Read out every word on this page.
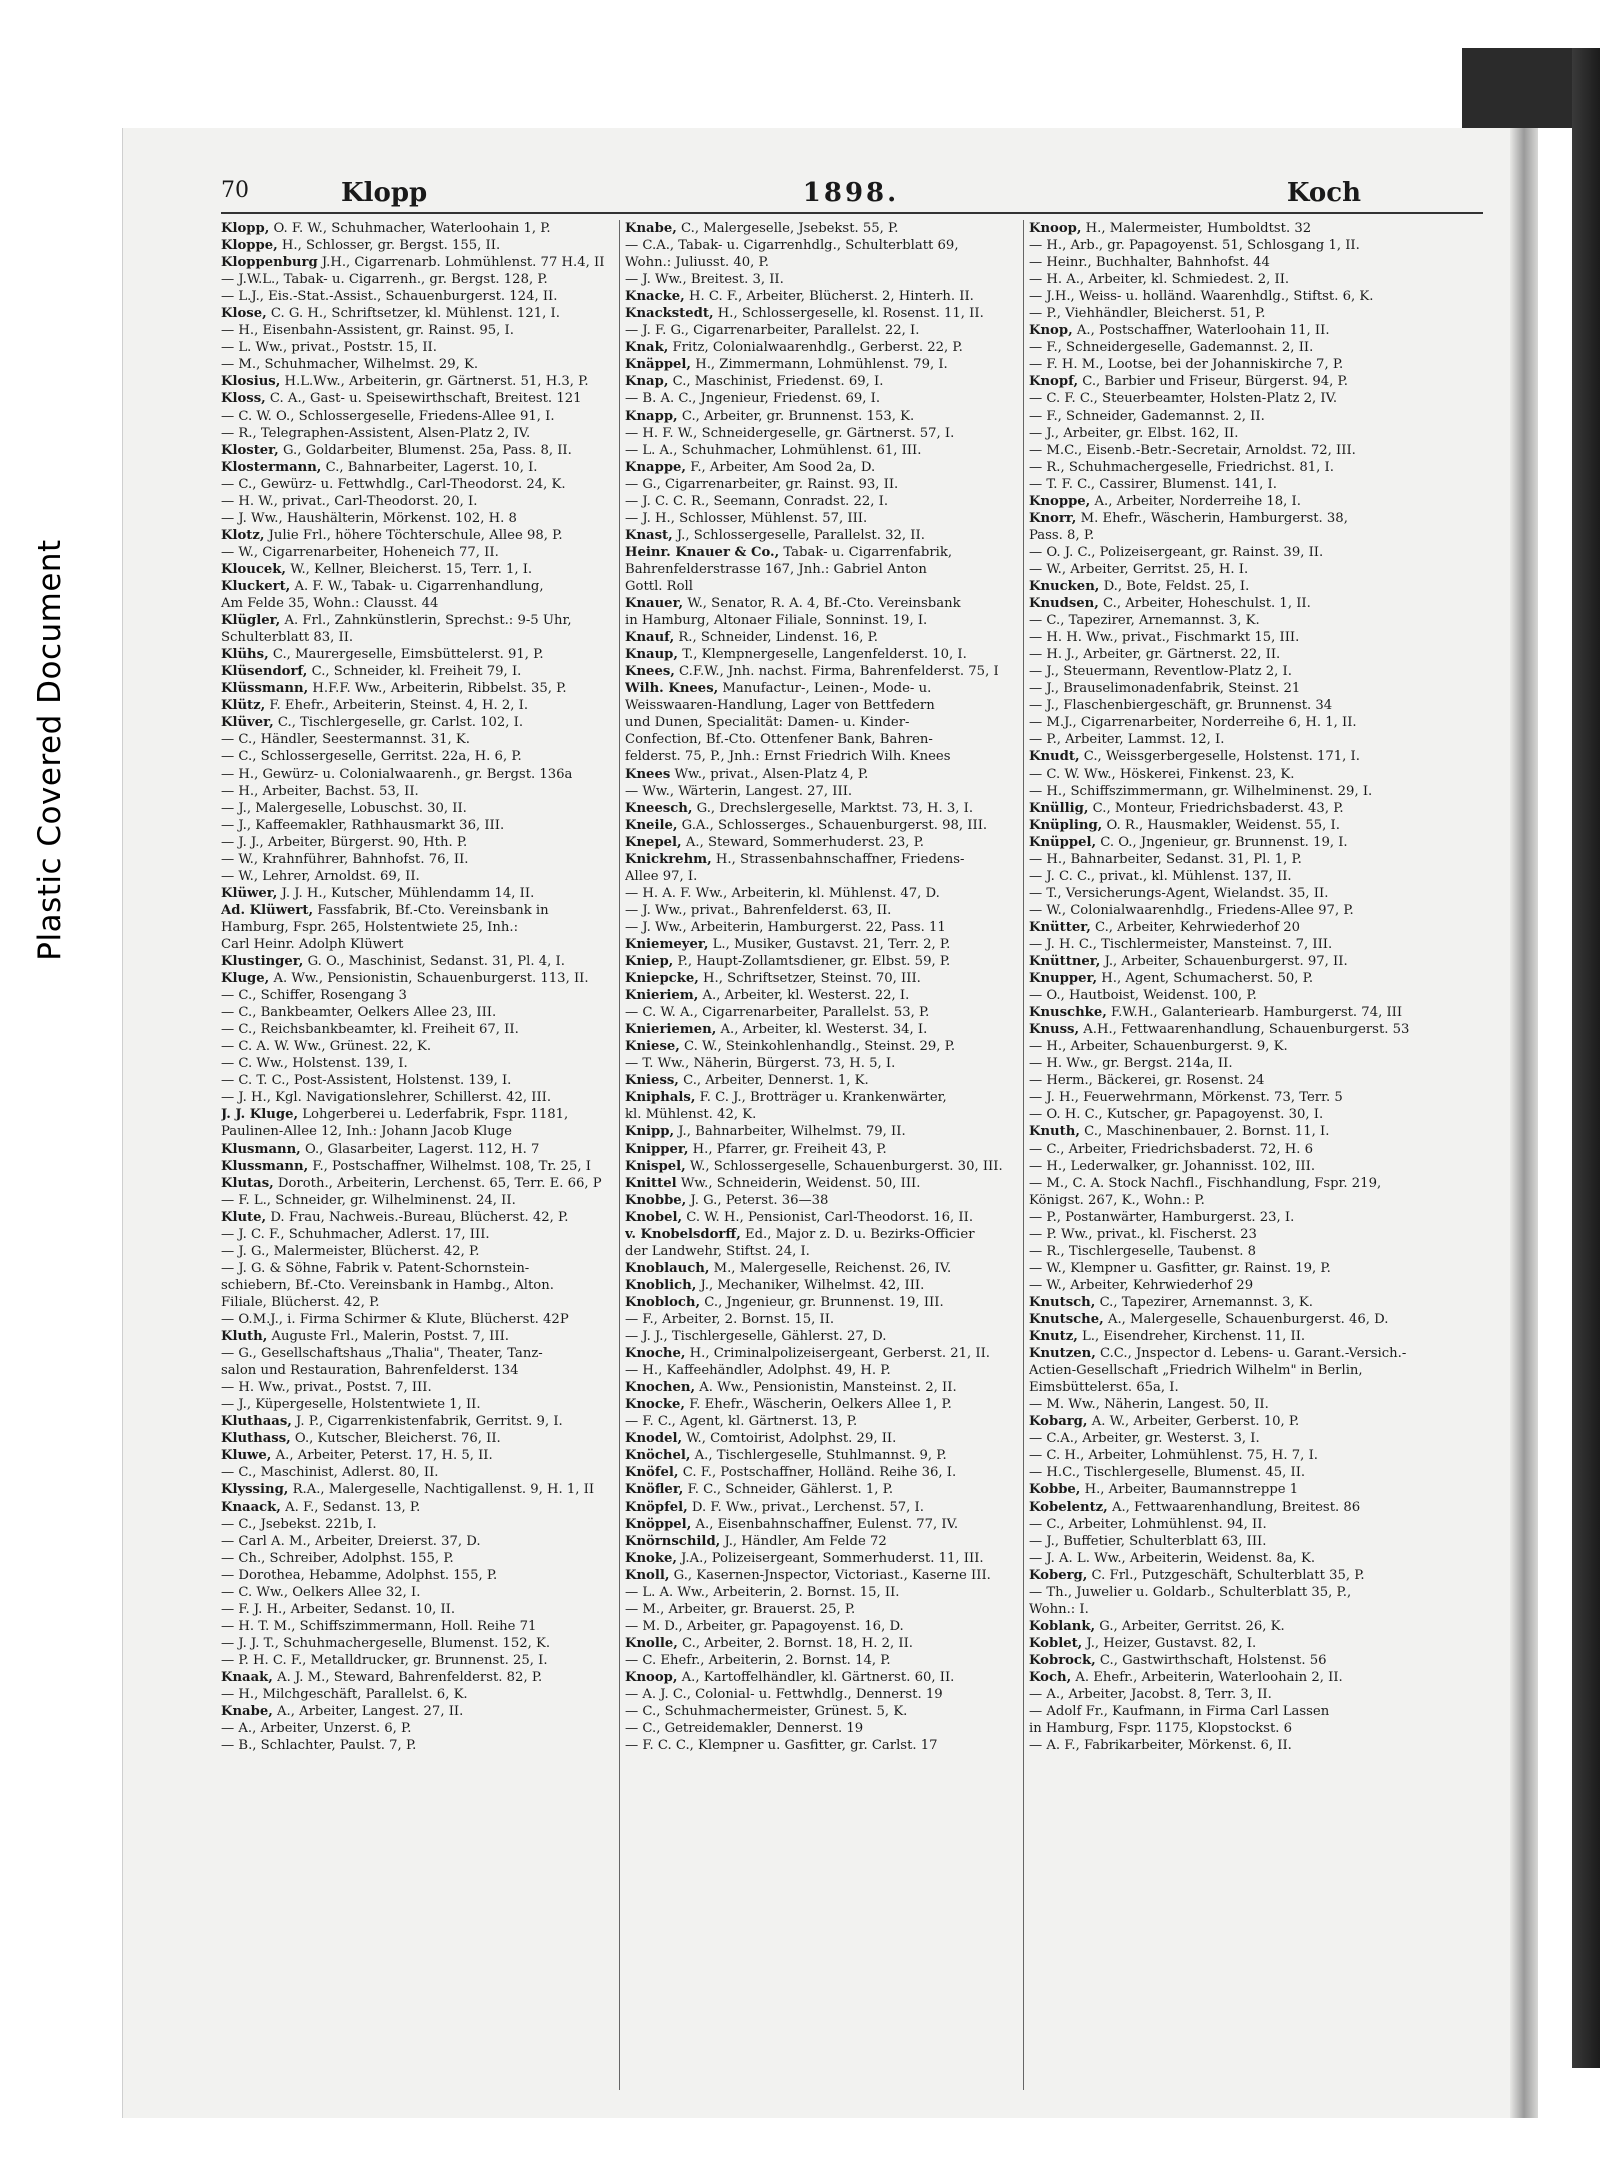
Plastic Covered Document
70	Klopp	1898.	Koch
Klopp, O. F. W., Schuhmacher, Waterloohain 1, P.
Kloppe, H., Schlosser, gr. Bergst. 155, II.
Kloppenburg J.H., Cigarrenarb. Lohmühlenst. 77 H.4, II
— J.W.L., Tabak- u. Cigarrenh., gr. Bergst. 128, P.
— L.J., Eis.-Stat.-Assist., Schauenburgerst. 124, II.
Klose, C. G. H., Schriftsetzer, kl. Mühlenst. 121, I.
— H., Eisenbahn-Assistent, gr. Rainst. 95, I.
— L. Ww., privat., Poststr. 15, II.
— M., Schuhmacher, Wilhelmst. 29, K.
Klosius, H.L.Ww., Arbeiterin, gr. Gärtnerst. 51, H.3, P.
Kloss, C. A., Gast- u. Speisewirthschaft, Breitest. 121
— C. W. O., Schlossergeselle, Friedens-Allee 91, I.
— R., Telegraphen-Assistent, Alsen-Platz 2, IV.
Kloster, G., Goldarbeiter, Blumenst. 25a, Pass. 8, II.
Klostermann, C., Bahnarbeiter, Lagerst. 10, I.
— C., Gewürz- u. Fettwhdlg., Carl-Theodorst. 24, K.
— H. W., privat., Carl-Theodorst. 20, I.
— J. Ww., Haushälterin, Mörkenst. 102, H. 8
Klotz, Julie Frl., höhere Töchterschule, Allee 98, P.
— W., Cigarrenarbeiter, Hoheneich 77, II.
Kloucek, W., Kellner, Bleicherst. 15, Terr. 1, I.
Kluckert, A. F. W., Tabak- u. Cigarrenhandlung,
Am Felde 35, Wohn.: Clausst. 44
Klügler, A. Frl., Zahnkünstlerin, Sprechst.: 9-5 Uhr,
Schulterblatt 83, II.
Klühs, C., Maurergeselle, Eimsbüttelerst. 91, P.
Klüsendorf, C., Schneider, kl. Freiheit 79, I.
Klüssmann, H.F.F. Ww., Arbeiterin, Ribbelst. 35, P.
Klütz, F. Ehefr., Arbeiterin, Steinst. 4, H. 2, I.
Klüver, C., Tischlergeselle, gr. Carlst. 102, I.
— C., Händler, Seestermannst. 31, K.
— C., Schlossergeselle, Gerritst. 22a, H. 6, P.
— H., Gewürz- u. Colonialwaarenh., gr. Bergst. 136a
— H., Arbeiter, Bachst. 53, II.
— J., Malergeselle, Lobuschst. 30, II.
— J., Kaffeemakler, Rathhausmarkt 36, III.
— J. J., Arbeiter, Bürgerst. 90, Hth. P.
— W., Krahnführer, Bahnhofst. 76, II.
— W., Lehrer, Arnoldst. 69, II.
Klüwer, J. J. H., Kutscher, Mühlendamm 14, II.
Ad. Klüwert, Fassfabrik, Bf.-Cto. Vereinsbank in
Hamburg, Fspr. 265, Holstentwiete 25, Inh.:
Carl Heinr. Adolph Klüwert
Klustinger, G. O., Maschinist, Sedanst. 31, Pl. 4, I.
Kluge, A. Ww., Pensionistin, Schauenburgerst. 113, II.
— C., Schiffer, Rosengang 3
— C., Bankbeamter, Oelkers Allee 23, III.
— C., Reichsbankbeamter, kl. Freiheit 67, II.
— C. A. W. Ww., Grünest. 22, K.
— C. Ww., Holstenst. 139, I.
— C. T. C., Post-Assistent, Holstenst. 139, I.
— J. H., Kgl. Navigationslehrer, Schillerst. 42, III.
J. J. Kluge, Lohgerberei u. Lederfabrik, Fspr. 1181,
Paulinen-Allee 12, Inh.: Johann Jacob Kluge
Klusmann, O., Glasarbeiter, Lagerst. 112, H. 7
Klussmann, F., Postschaffner, Wilhelmst. 108, Tr. 25, I
Klutas, Doroth., Arbeiterin, Lerchenst. 65, Terr. E. 66, P
— F. L., Schneider, gr. Wilhelminenst. 24, II.
Klute, D. Frau, Nachweis.-Bureau, Blücherst. 42, P.
— J. C. F., Schuhmacher, Adlerst. 17, III.
— J. G., Malermeister, Blücherst. 42, P.
— J. G. & Söhne, Fabrik v. Patent-Schornstein-
schiebern, Bf.-Cto. Vereinsbank in Hambg., Alton.
Filiale, Blücherst. 42, P.
— O.M.J., i. Firma Schirmer & Klute, Blücherst. 42P
Kluth, Auguste Frl., Malerin, Postst. 7, III.
— G., Gesellschaftshaus „Thalia", Theater, Tanz-
salon und Restauration, Bahrenfelderst. 134
— H. Ww., privat., Postst. 7, III.
— J., Küpergeselle, Holstentwiete 1, II.
Kluthaas, J. P., Cigarrenkistenfabrik, Gerritst. 9, I.
Kluthass, O., Kutscher, Bleicherst. 76, II.
Kluwe, A., Arbeiter, Peterst. 17, H. 5, II.
— C., Maschinist, Adlerst. 80, II.
Klyssing, R.A., Malergeselle, Nachtigallenst. 9, H. 1, II
Knaack, A. F., Sedanst. 13, P.
— C., Jsebekst. 221b, I.
— Carl A. M., Arbeiter, Dreierst. 37, D.
— Ch., Schreiber, Adolphst. 155, P.
— Dorothea, Hebamme, Adolphst. 155, P.
— C. Ww., Oelkers Allee 32, I.
— F. J. H., Arbeiter, Sedanst. 10, II.
— H. T. M., Schiffszimmermann, Holl. Reihe 71
— J. J. T., Schuhmachergeselle, Blumenst. 152, K.
— P. H. C. F., Metalldrucker, gr. Brunnenst. 25, I.
Knaak, A. J. M., Steward, Bahrenfelderst. 82, P.
— H., Milchgeschäft, Parallelst. 6, K.
Knabe, A., Arbeiter, Langest. 27, II.
— A., Arbeiter, Unzerst. 6, P.
— B., Schlachter, Paulst. 7, P.
Knabe, C., Malergeselle, Jsebekst. 55, P.
— C.A., Tabak- u. Cigarrenhdlg., Schulterblatt 69,
Wohn.: Juliusst. 40, P.
— J. Ww., Breitest. 3, II.
Knacke, H. C. F., Arbeiter, Blücherst. 2, Hinterh. II.
Knackstedt, H., Schlossergeselle, kl. Rosenst. 11, II.
— J. F. G., Cigarrenarbeiter, Parallelst. 22, I.
Knak, Fritz, Colonialwaarenhdlg., Gerberst. 22, P.
Knäppel, H., Zimmermann, Lohmühlenst. 79, I.
Knap, C., Maschinist, Friedenst. 69, I.
— B. A. C., Jngenieur, Friedenst. 69, I.
Knapp, C., Arbeiter, gr. Brunnenst. 153, K.
— H. F. W., Schneidergeselle, gr. Gärtnerst. 57, I.
— L. A., Schuhmacher, Lohmühlenst. 61, III.
Knappe, F., Arbeiter, Am Sood 2a, D.
— G., Cigarrenarbeiter, gr. Rainst. 93, II.
— J. C. C. R., Seemann, Conradst. 22, I.
— J. H., Schlosser, Mühlenst. 57, III.
Knast, J., Schlossergeselle, Parallelst. 32, II.
Heinr. Knauer & Co., Tabak- u. Cigarrenfabrik,
Bahrenfelderstrasse 167, Jnh.: Gabriel Anton
Gottl. Roll
Knauer, W., Senator, R. A. 4, Bf.-Cto. Vereinsbank
in Hamburg, Altonaer Filiale, Sonninst. 19, I.
Knauf, R., Schneider, Lindenst. 16, P.
Knaup, T., Klempnergeselle, Langenfelderst. 10, I.
Knees, C.F.W., Jnh. nachst. Firma, Bahrenfelderst. 75, I
Wilh. Knees, Manufactur-, Leinen-, Mode- u.
Weisswaaren-Handlung, Lager von Bettfedern
und Dunen, Specialität: Damen- u. Kinder-
Confection, Bf.-Cto. Ottenfener Bank, Bahren-
felderst. 75, P., Jnh.: Ernst Friedrich Wilh. Knees
Knees Ww., privat., Alsen-Platz 4, P.
— Ww., Wärterin, Langest. 27, III.
Kneesch, G., Drechslergeselle, Marktst. 73, H. 3, I.
Kneile, G.A., Schlosserges., Schauenburgerst. 98, III.
Knepel, A., Steward, Sommerhuderst. 23, P.
Knickrehm, H., Strassenbahnschaffner, Friedens-
Allee 97, I.
— H. A. F. Ww., Arbeiterin, kl. Mühlenst. 47, D.
— J. Ww., privat., Bahrenfelderst. 63, II.
— J. Ww., Arbeiterin, Hamburgerst. 22, Pass. 11
Kniemeyer, L., Musiker, Gustavst. 21, Terr. 2, P.
Kniep, P., Haupt-Zollamtsdiener, gr. Elbst. 59, P.
Kniepcke, H., Schriftsetzer, Steinst. 70, III.
Knieriem, A., Arbeiter, kl. Westerst. 22, I.
— C. W. A., Cigarrenarbeiter, Parallelst. 53, P.
Knieriemen, A., Arbeiter, kl. Westerst. 34, I.
Kniese, C. W., Steinkohlenhandlg., Steinst. 29, P.
— T. Ww., Näherin, Bürgerst. 73, H. 5, I.
Kniess, C., Arbeiter, Dennerst. 1, K.
Kniphals, F. C. J., Brotträger u. Krankenwärter,
kl. Mühlenst. 42, K.
Knipp, J., Bahnarbeiter, Wilhelmst. 79, II.
Knipper, H., Pfarrer, gr. Freiheit 43, P.
Knispel, W., Schlossergeselle, Schauenburgerst. 30, III.
Knittel Ww., Schneiderin, Weidenst. 50, III.
Knobbe, J. G., Peterst. 36—38
Knobel, C. W. H., Pensionist, Carl-Theodorst. 16, II.
v. Knobelsdorff, Ed., Major z. D. u. Bezirks-Officier
der Landwehr, Stiftst. 24, I.
Knoblauch, M., Malergeselle, Reichenst. 26, IV.
Knoblich, J., Mechaniker, Wilhelmst. 42, III.
Knobloch, C., Jngenieur, gr. Brunnenst. 19, III.
— F., Arbeiter, 2. Bornst. 15, II.
— J. J., Tischlergeselle, Gählerst. 27, D.
Knoche, H., Criminalpolizeisergeant, Gerberst. 21, II.
— H., Kaffeehändler, Adolphst. 49, H. P.
Knochen, A. Ww., Pensionistin, Mansteinst. 2, II.
Knocke, F. Ehefr., Wäscherin, Oelkers Allee 1, P.
— F. C., Agent, kl. Gärtnerst. 13, P.
Knodel, W., Comtoirist, Adolphst. 29, II.
Knöchel, A., Tischlergeselle, Stuhlmannst. 9, P.
Knöfel, C. F., Postschaffner, Holländ. Reihe 36, I.
Knöfler, F. C., Schneider, Gählerst. 1, P.
Knöpfel, D. F. Ww., privat., Lerchenst. 57, I.
Knöppel, A., Eisenbahnschaffner, Eulenst. 77, IV.
Knörnschild, J., Händler, Am Felde 72
Knoke, J.A., Polizeisergeant, Sommerhuderst. 11, III.
Knoll, G., Kasernen-Jnspector, Victoriast., Kaserne III.
— L. A. Ww., Arbeiterin, 2. Bornst. 15, II.
— M., Arbeiter, gr. Brauerst. 25, P.
— M. D., Arbeiter, gr. Papagoyenst. 16, D.
Knolle, C., Arbeiter, 2. Bornst. 18, H. 2, II.
— C. Ehefr., Arbeiterin, 2. Bornst. 14, P.
Knoop, A., Kartoffelhändler, kl. Gärtnerst. 60, II.
— A. J. C., Colonial- u. Fettwhdlg., Dennerst. 19
— C., Schuhmachermeister, Grünest. 5, K.
— C., Getreidemakler, Dennerst. 19
— F. C. C., Klempner u. Gasfitter, gr. Carlst. 17
Knoop, H., Malermeister, Humboldtst. 32
— H., Arb., gr. Papagoyenst. 51, Schlosgang 1, II.
— Heinr., Buchhalter, Bahnhofst. 44
— H. A., Arbeiter, kl. Schmiedest. 2, II.
— J.H., Weiss- u. holländ. Waarenhdlg., Stiftst. 6, K.
— P., Viehhändler, Bleicherst. 51, P.
Knop, A., Postschaffner, Waterloohain 11, II.
— F., Schneidergeselle, Gademannst. 2, II.
— F. H. M., Lootse, bei der Johanniskirche 7, P.
Knopf, C., Barbier und Friseur, Bürgerst. 94, P.
— C. F. C., Steuerbeamter, Holsten-Platz 2, IV.
— F., Schneider, Gademannst. 2, II.
— J., Arbeiter, gr. Elbst. 162, II.
— M.C., Eisenb.-Betr.-Secretair, Arnoldst. 72, III.
— R., Schuhmachergeselle, Friedrichst. 81, I.
— T. F. C., Cassirer, Blumenst. 141, I.
Knoppe, A., Arbeiter, Norderreihe 18, I.
Knorr, M. Ehefr., Wäscherin, Hamburgerst. 38,
Pass. 8, P.
— O. J. C., Polizeisergeant, gr. Rainst. 39, II.
— W., Arbeiter, Gerritst. 25, H. I.
Knucken, D., Bote, Feldst. 25, I.
Knudsen, C., Arbeiter, Hoheschulst. 1, II.
— C., Tapezirer, Arnemannst. 3, K.
— H. H. Ww., privat., Fischmarkt 15, III.
— H. J., Arbeiter, gr. Gärtnerst. 22, II.
— J., Steuermann, Reventlow-Platz 2, I.
— J., Brauselimonadenfabrik, Steinst. 21
— J., Flaschenbiergeschäft, gr. Brunnenst. 34
— M.J., Cigarrenarbeiter, Norderreihe 6, H. 1, II.
— P., Arbeiter, Lammst. 12, I.
Knudt, C., Weissgerbergeselle, Holstenst. 171, I.
— C. W. Ww., Höskerei, Finkenst. 23, K.
— H., Schiffszimmermann, gr. Wilhelminenst. 29, I.
Knüllig, C., Monteur, Friedrichsbaderst. 43, P.
Knüpling, O. R., Hausmakler, Weidenst. 55, I.
Knüppel, C. O., Jngenieur, gr. Brunnenst. 19, I.
— H., Bahnarbeiter, Sedanst. 31, Pl. 1, P.
— J. C. C., privat., kl. Mühlenst. 137, II.
— T., Versicherungs-Agent, Wielandst. 35, II.
— W., Colonialwaarenhdlg., Friedens-Allee 97, P.
Knütter, C., Arbeiter, Kehrwiederhof 20
— J. H. C., Tischlermeister, Mansteinst. 7, III.
Knüttner, J., Arbeiter, Schauenburgerst. 97, II.
Knupper, H., Agent, Schumacherst. 50, P.
— O., Hautboist, Weidenst. 100, P.
Knuschke, F.W.H., Galanteriearb. Hamburgerst. 74, III
Knuss, A.H., Fettwaarenhandlung, Schauenburgerst. 53
— H., Arbeiter, Schauenburgerst. 9, K.
— H. Ww., gr. Bergst. 214a, II.
— Herm., Bäckerei, gr. Rosenst. 24
— J. H., Feuerwehrmann, Mörkenst. 73, Terr. 5
— O. H. C., Kutscher, gr. Papagoyenst. 30, I.
Knuth, C., Maschinenbauer, 2. Bornst. 11, I.
— C., Arbeiter, Friedrichsbaderst. 72, H. 6
— H., Lederwalker, gr. Johannisst. 102, III.
— M., C. A. Stock Nachfl., Fischhandlung, Fspr. 219,
Königst. 267, K., Wohn.: P.
— P., Postanwärter, Hamburgerst. 23, I.
— P. Ww., privat., kl. Fischerst. 23
— R., Tischlergeselle, Taubenst. 8
— W., Klempner u. Gasfitter, gr. Rainst. 19, P.
— W., Arbeiter, Kehrwiederhof 29
Knutsch, C., Tapezirer, Arnemannst. 3, K.
Knutsche, A., Malergeselle, Schauenburgerst. 46, D.
Knutz, L., Eisendreher, Kirchenst. 11, II.
Knutzen, C.C., Jnspector d. Lebens- u. Garant.-Versich.-
Actien-Gesellschaft „Friedrich Wilhelm" in Berlin,
Eimsbüttelerst. 65a, I.
— M. Ww., Näherin, Langest. 50, II.
Kobarg, A. W., Arbeiter, Gerberst. 10, P.
— C.A., Arbeiter, gr. Westerst. 3, I.
— C. H., Arbeiter, Lohmühlenst. 75, H. 7, I.
— H.C., Tischlergeselle, Blumenst. 45, II.
Kobbe, H., Arbeiter, Baumannstreppe 1
Kobelentz, A., Fettwaarenhandlung, Breitest. 86
— C., Arbeiter, Lohmühlenst. 94, II.
— J., Buffetier, Schulterblatt 63, III.
— J. A. L. Ww., Arbeiterin, Weidenst. 8a, K.
Koberg, C. Frl., Putzgeschäft, Schulterblatt 35, P.
— Th., Juwelier u. Goldarb., Schulterblatt 35, P.,
Wohn.: I.
Koblank, G., Arbeiter, Gerritst. 26, K.
Koblet, J., Heizer, Gustavst. 82, I.
Kobrock, C., Gastwirthschaft, Holstenst. 56
Koch, A. Ehefr., Arbeiterin, Waterloohain 2, II.
— A., Arbeiter, Jacobst. 8, Terr. 3, II.
— Adolf Fr., Kaufmann, in Firma Carl Lassen
in Hamburg, Fspr. 1175, Klopstockst. 6
— A. F., Fabrikarbeiter, Mörkenst. 6, II.
